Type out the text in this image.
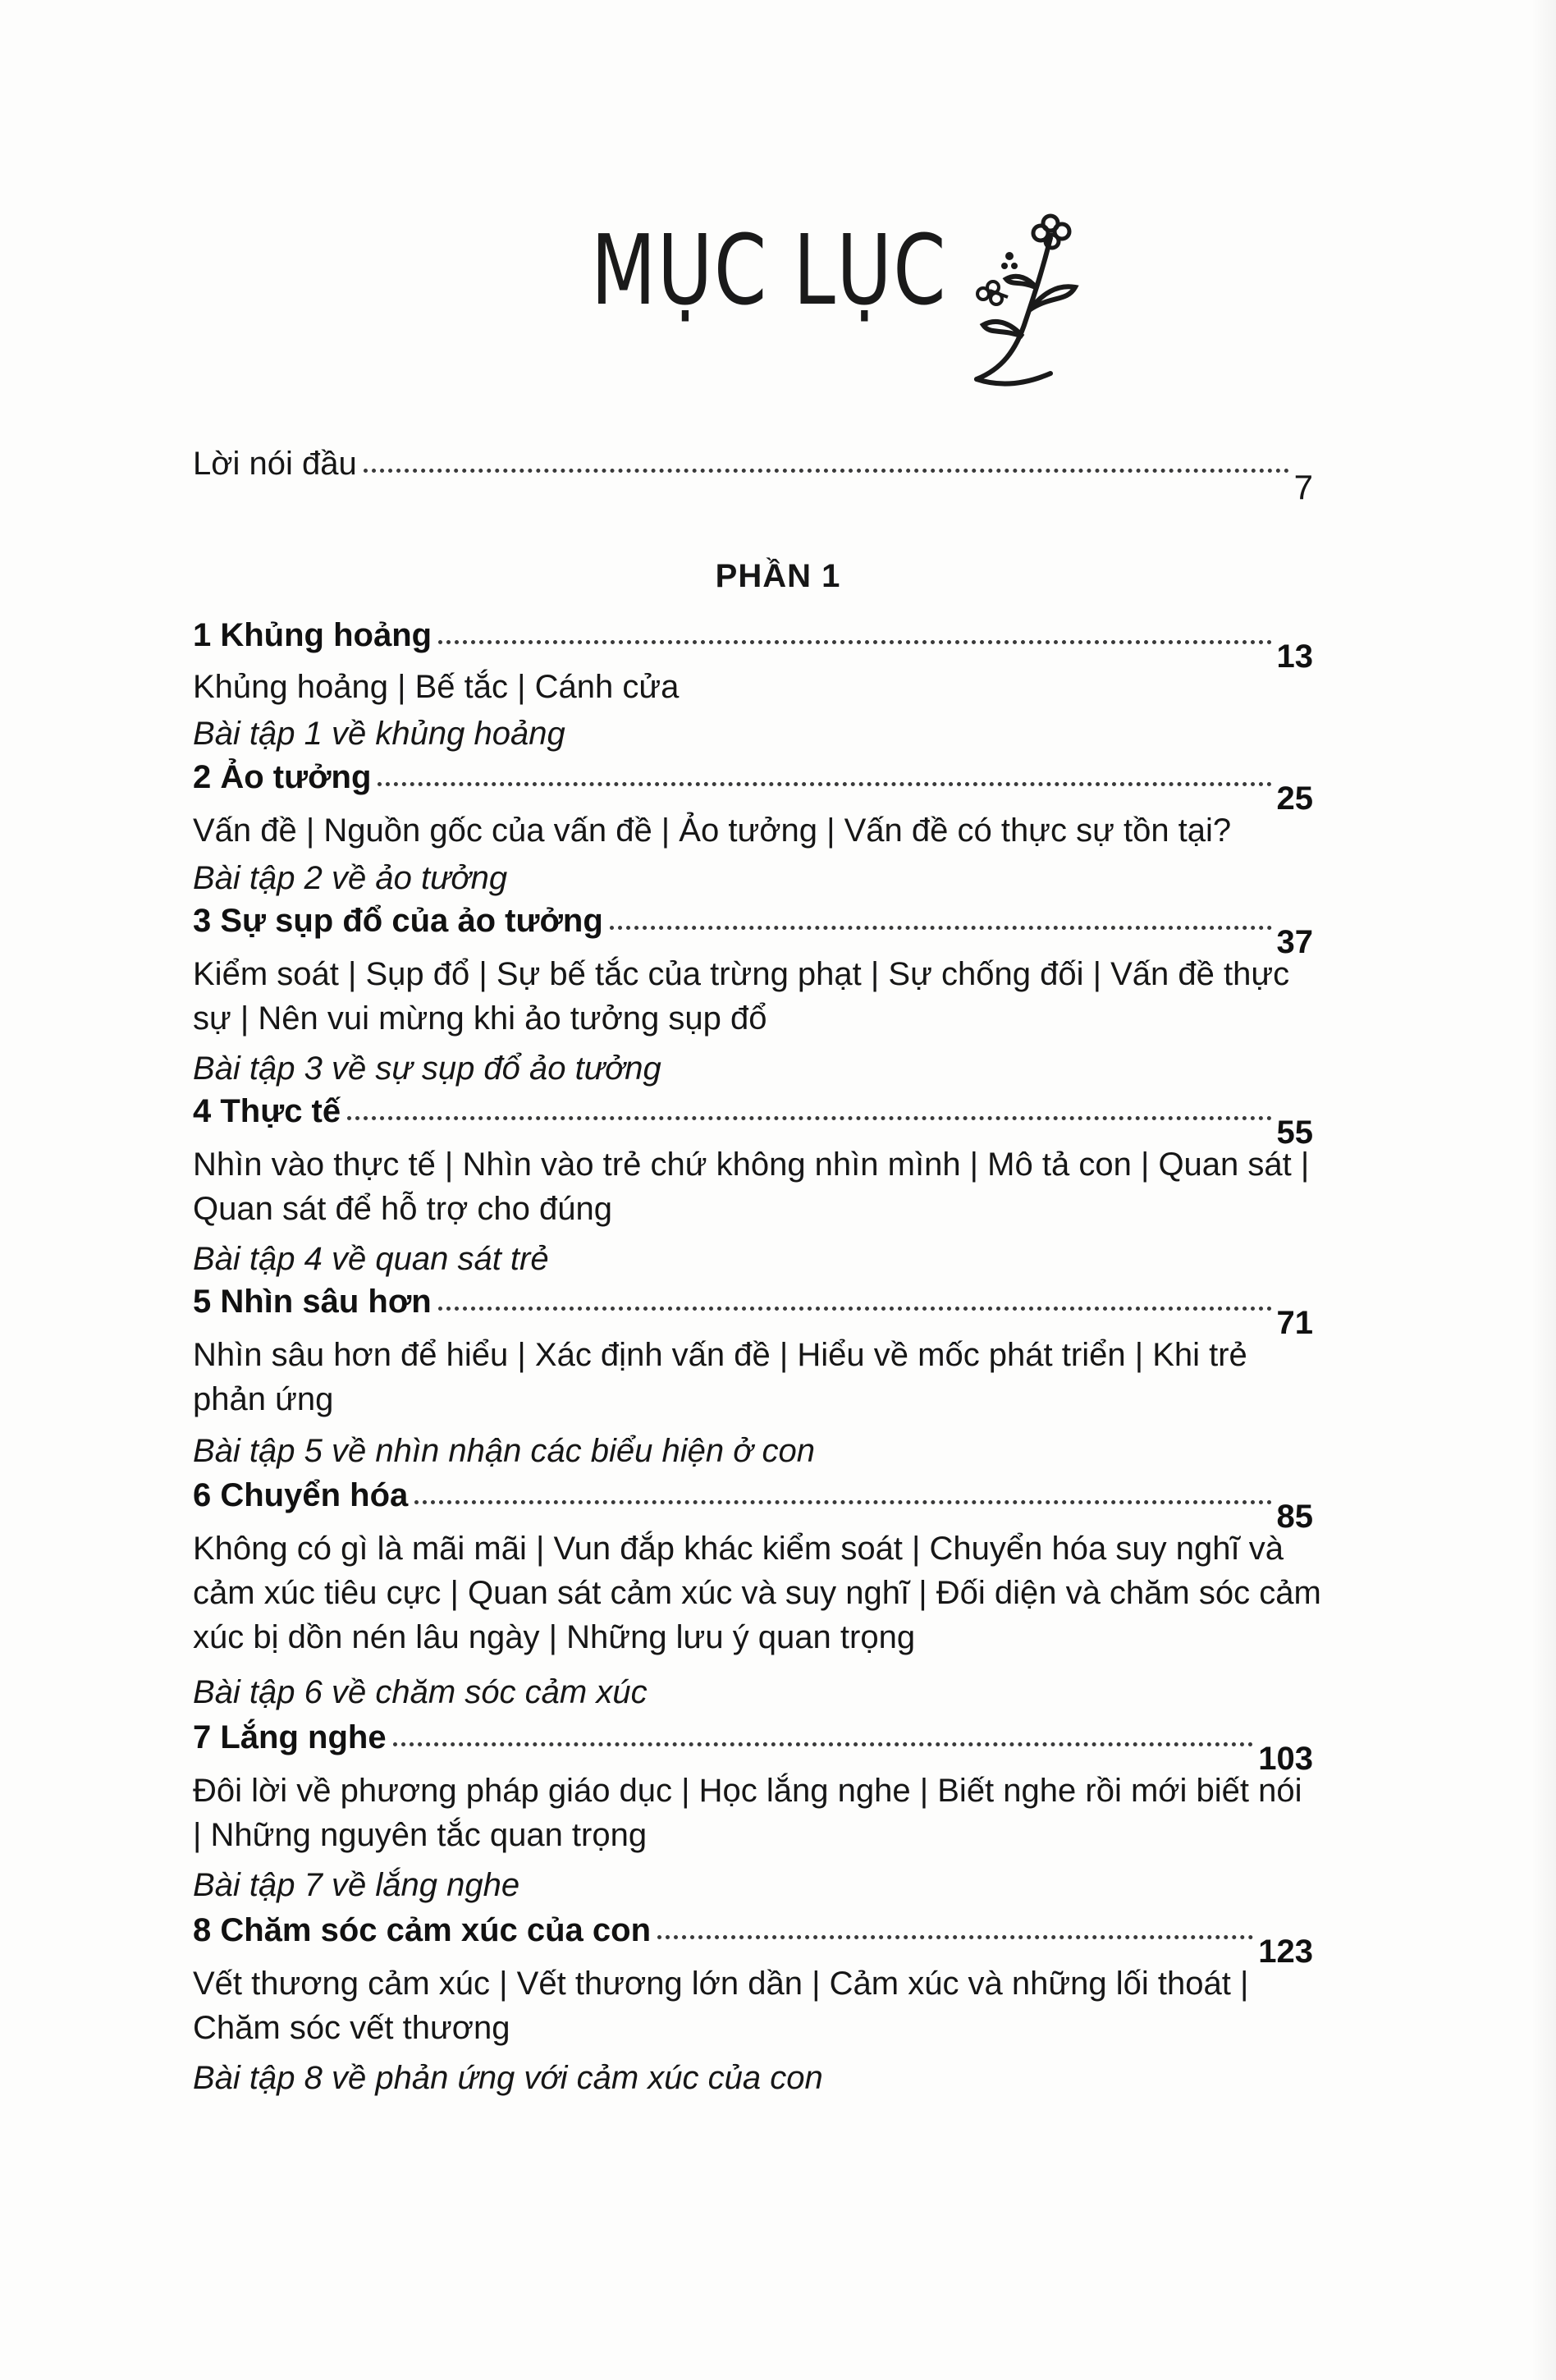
MỤC LỤC
Lời nói đầu
7
PHẦN 1
1 Khủng hoảng
13
Khủng hoảng | Bế tắc | Cánh cửa
Bài tập 1 về khủng hoảng
2 Ảo tưởng
25
Vấn đề | Nguồn gốc của vấn đề | Ảo tưởng | Vấn đề có thực sự tồn tại?
Bài tập 2 về ảo tưởng
3 Sự sụp đổ của ảo tưởng
37
Kiểm soát | Sụp đổ | Sự bế tắc của trừng phạt | Sự chống đối | Vấn đề thực sự | Nên vui mừng khi ảo tưởng sụp đổ
Bài tập 3 về sự sụp đổ ảo tưởng
4 Thực tế
55
Nhìn vào thực tế | Nhìn vào trẻ chứ không nhìn mình | Mô tả con | Quan sát | Quan sát để hỗ trợ cho đúng
Bài tập 4 về quan sát trẻ
5 Nhìn sâu hơn
71
Nhìn sâu hơn để hiểu | Xác định vấn đề | Hiểu về mốc phát triển | Khi trẻ phản ứng
Bài tập 5 về nhìn nhận các biểu hiện ở con
6 Chuyển hóa
85
Không có gì là mãi mãi | Vun đắp khác kiểm soát | Chuyển hóa suy nghĩ và cảm xúc tiêu cực | Quan sát cảm xúc và suy nghĩ | Đối diện và chăm sóc cảm xúc bị dồn nén lâu ngày | Những lưu ý quan trọng
Bài tập 6 về chăm sóc cảm xúc
7 Lắng nghe
103
Đôi lời về phương pháp giáo dục | Học lắng nghe | Biết nghe rồi mới biết nói | Những nguyên tắc quan trọng
Bài tập 7 về lắng nghe
8 Chăm sóc cảm xúc của con
123
Vết thương cảm xúc | Vết thương lớn dần | Cảm xúc và những lối thoát | Chăm sóc vết thương
Bài tập 8 về phản ứng với cảm xúc của con
